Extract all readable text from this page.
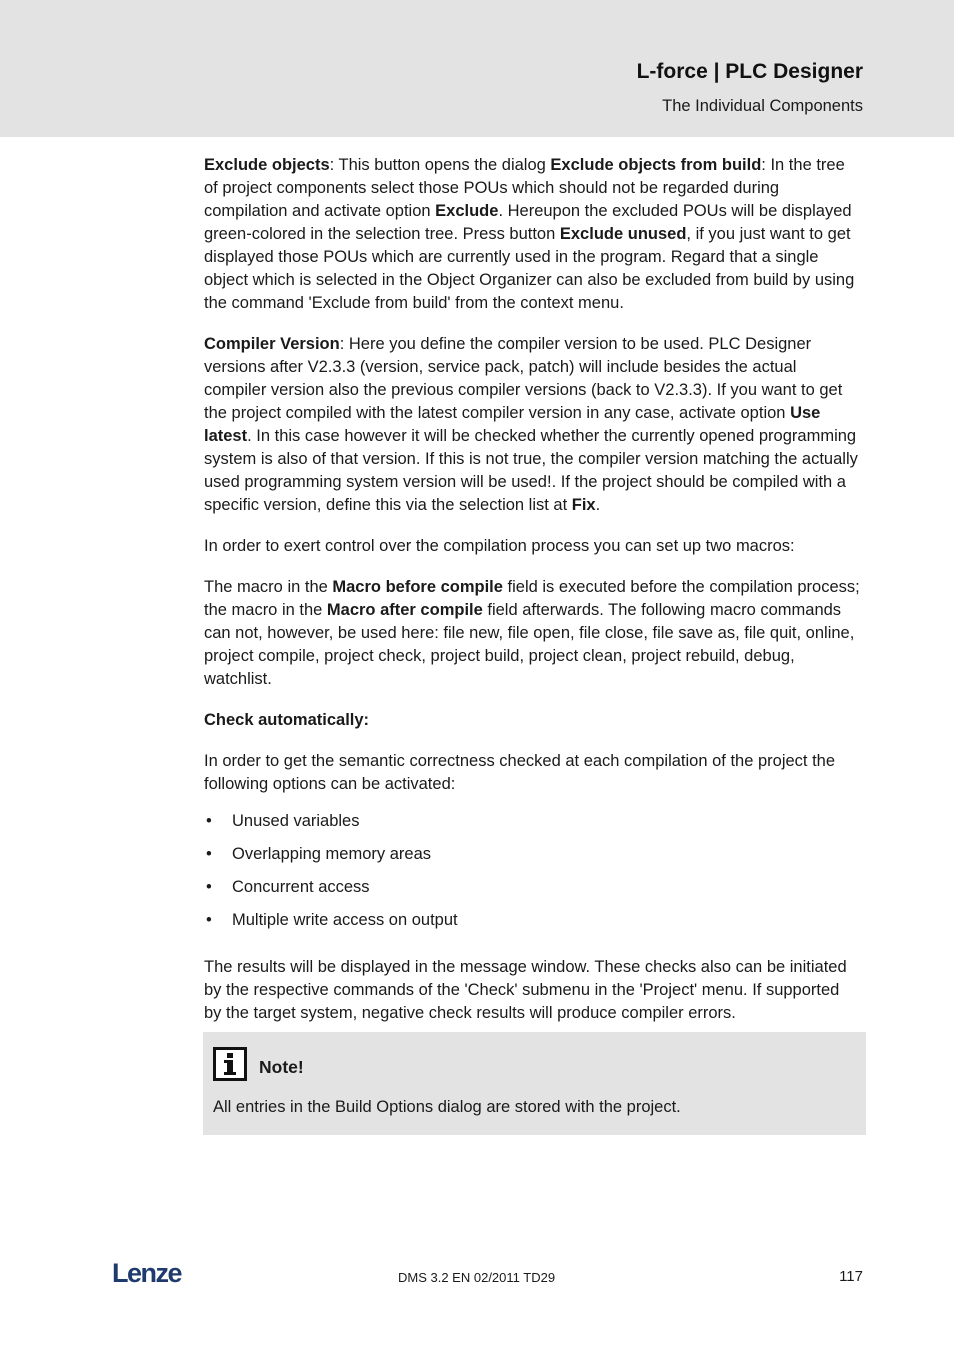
L-force | PLC Designer
The Individual Components

Exclude objects: This button opens the dialog Exclude objects from build: In the tree of project components select those POUs which should not be regarded during compilation and activate option Exclude. Hereupon the excluded POUs will be displayed green-colored in the selection tree. Press button Exclude unused, if you just want to get displayed those POUs which are currently used in the program. Regard that a single object which is selected in the Object Organizer can also be excluded from build by using the command 'Exclude from build' from the context menu.

Compiler Version: Here you define the compiler version to be used. PLC Designer versions after V2.3.3 (version, service pack, patch) will include besides the actual compiler version also the previous compiler versions (back to V2.3.3). If you want to get the project compiled with the latest compiler version in any case, activate option Use latest. In this case however it will be checked whether the currently opened programming system is also of that version. If this is not true, the compiler version matching the actually used programming system version will be used!. If the project should be compiled with a specific version, define this via the selection list at Fix.

In order to exert control over the compilation process you can set up two macros:

The macro in the Macro before compile field is executed before the compilation process; the macro in the Macro after compile field afterwards. The following macro commands can not, however, be used here: file new, file open, file close, file save as, file quit, online, project compile, project check, project build, project clean, project rebuild, debug, watchlist.

Check automatically:

In order to get the semantic correctness checked at each compilation of the project the following options can be activated:

• Unused variables
• Overlapping memory areas
• Concurrent access
• Multiple write access on output

The results will be displayed in the message window. These checks also can be initiated by the respective commands of the 'Check' submenu in the 'Project' menu. If supported by the target system, negative check results will produce compiler errors.

Note!
All entries in the Build Options dialog are stored with the project.
Lenze	DMS 3.2 EN 02/2011 TD29	117
